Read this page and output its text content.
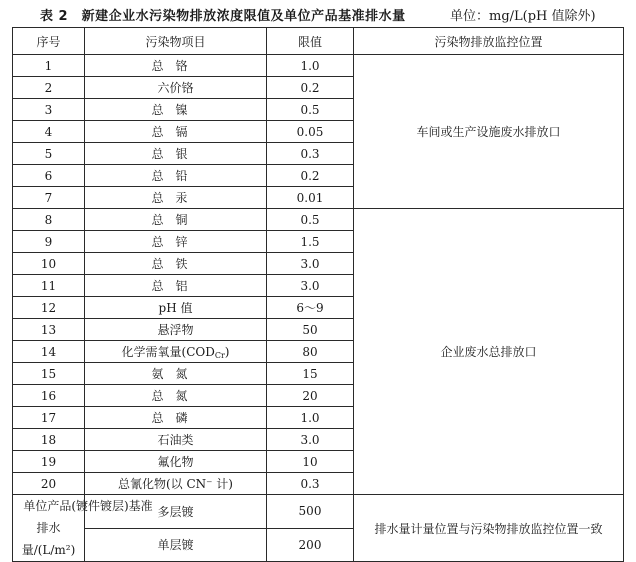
表 2　新建企业水污染物排放浓度限值及单位产品基准排水量	单位：mg/L(pH 值除外)
序号	污染物项目	限值	污染物排放监控位置
1	总铬	1.0	车间或生产设施废水排放口
2	六价铬	0.2	
3	总镍	0.5	
4	总镉	0.05	
5	总银	0.3	
6	总铅	0.2	
7	总汞	0.01	
8	总铜	0.5	企业废水总排放口
9	总锌	1.5	
10	总铁	3.0	
11	总铝	3.0	
12	pH 值	6～9	
13	悬浮物	50	
14	化学需氧量$(COD_{Cr})$	80	
15	氨氮	15	
16	总氮	20	
17	总磷	1.0	
18	石油类	3.0	
19	氟化物	10	
20	总氰化物(以 CN⁻ 计)	0.3	

单位产品(镀件镀层)基准
排水量/(L/m²)	多层镀	500	排水量计量位置与污染物排放监控位置一致
	单层镀	200	
